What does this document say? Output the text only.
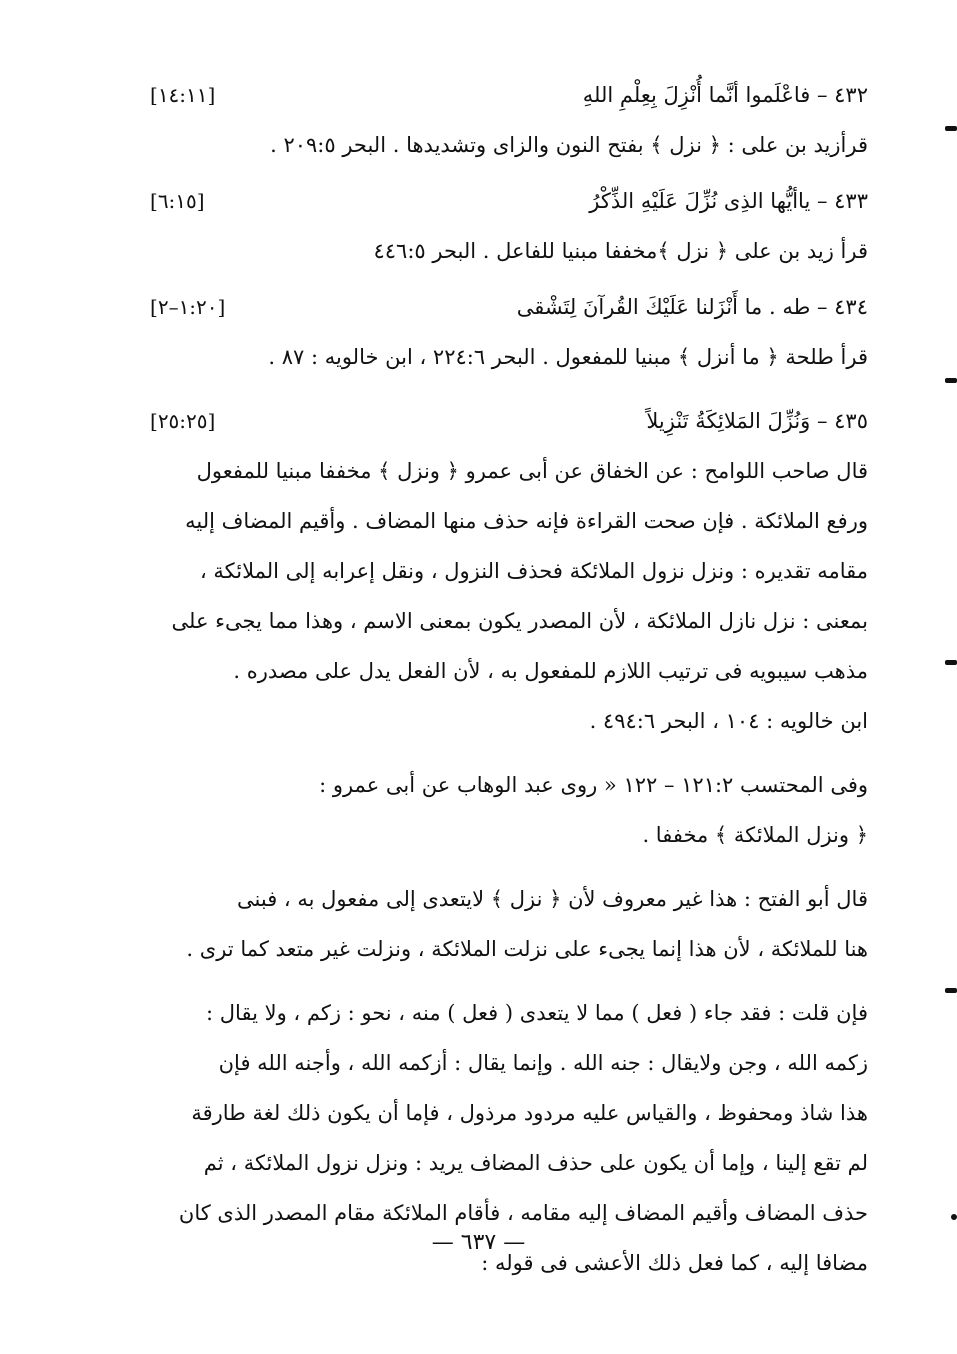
٤٣٢ – فاعْلَموا أنَّما أُنْزِلَ بِعِلْمِ اللهِ
[١٤:١١]
قرأزيد بن على : ﴿ نزل ﴾ بفتح النون والزاى وتشديدها . البحر ٢٠٩:٥ .
٤٣٣ – ياأيُّها الذِى نُزِّلَ عَلَيْهِ الذِّكْرُ
[٦:١٥]
قرأ زيد بن على ﴿ نزل ﴾مخففا مبنيا للفاعل . البحر ٤٤٦:٥
٤٣٤ – طه . ما أَنْزَلنا عَلَيْكَ القُرآنَ لِتَشْقى
[١:٢٠–٢]
قرأ طلحة ﴿ ما أنزل ﴾ مبنيا للمفعول . البحر ٢٢٤:٦ ، ابن خالويه : ٨٧ .
٤٣٥ – وَنُزِّلَ المَلائِكَةُ تَنْزِيلاً
[٢٥:٢٥]
قال صاحب اللوامح : عن الخفاق عن أبى عمرو ﴿ ونزل ﴾ مخففا مبنيا للمفعول
ورفع الملائكة . فإن صحت القراءة فإنه حذف منها المضاف . وأقيم المضاف إليه
مقامه تقديره : ونزل نزول الملائكة فحذف النزول ، ونقل إعرابه إلى الملائكة ،
بمعنى : نزل نازل الملائكة ، لأن المصدر يكون بمعنى الاسم ، وهذا مما يجىء على
مذهب سيبويه فى ترتيب اللازم للمفعول به ، لأن الفعل يدل على مصدره .
ابن خالويه : ١٠٤ ، البحر ٤٩٤:٦ .
وفى المحتسب ١٢١:٢ – ١٢٢ « روى عبد الوهاب عن أبى عمرو :
﴿ ونزل الملائكة ﴾ مخففا .
قال أبو الفتح : هذا غير معروف لأن ﴿ نزل ﴾ لايتعدى إلى مفعول به ، فبنى
هنا للملائكة ، لأن هذا إنما يجىء على نزلت الملائكة ، ونزلت غير متعد كما ترى .
فإن قلت : فقد جاء ( فعل ) مما لا يتعدى ( فعل ) منه ، نحو : زكم ، ولا يقال :
زكمه الله ، وجن ولايقال : جنه الله . وإنما يقال : أزكمه الله ، وأجنه الله فإن
هذا شاذ ومحفوظ ، والقياس عليه مردود مرذول ، فإما أن يكون ذلك لغة طارقة
لم تقع إلينا ، وإما أن يكون على حذف المضاف يريد : ونزل نزول الملائكة ، ثم
حذف المضاف وأقيم المضاف إليه مقامه ، فأقام الملائكة مقام المصدر الذى كان
مضافا إليه ، كما فعل ذلك الأعشى فى قوله :
— ٦٣٧ —
